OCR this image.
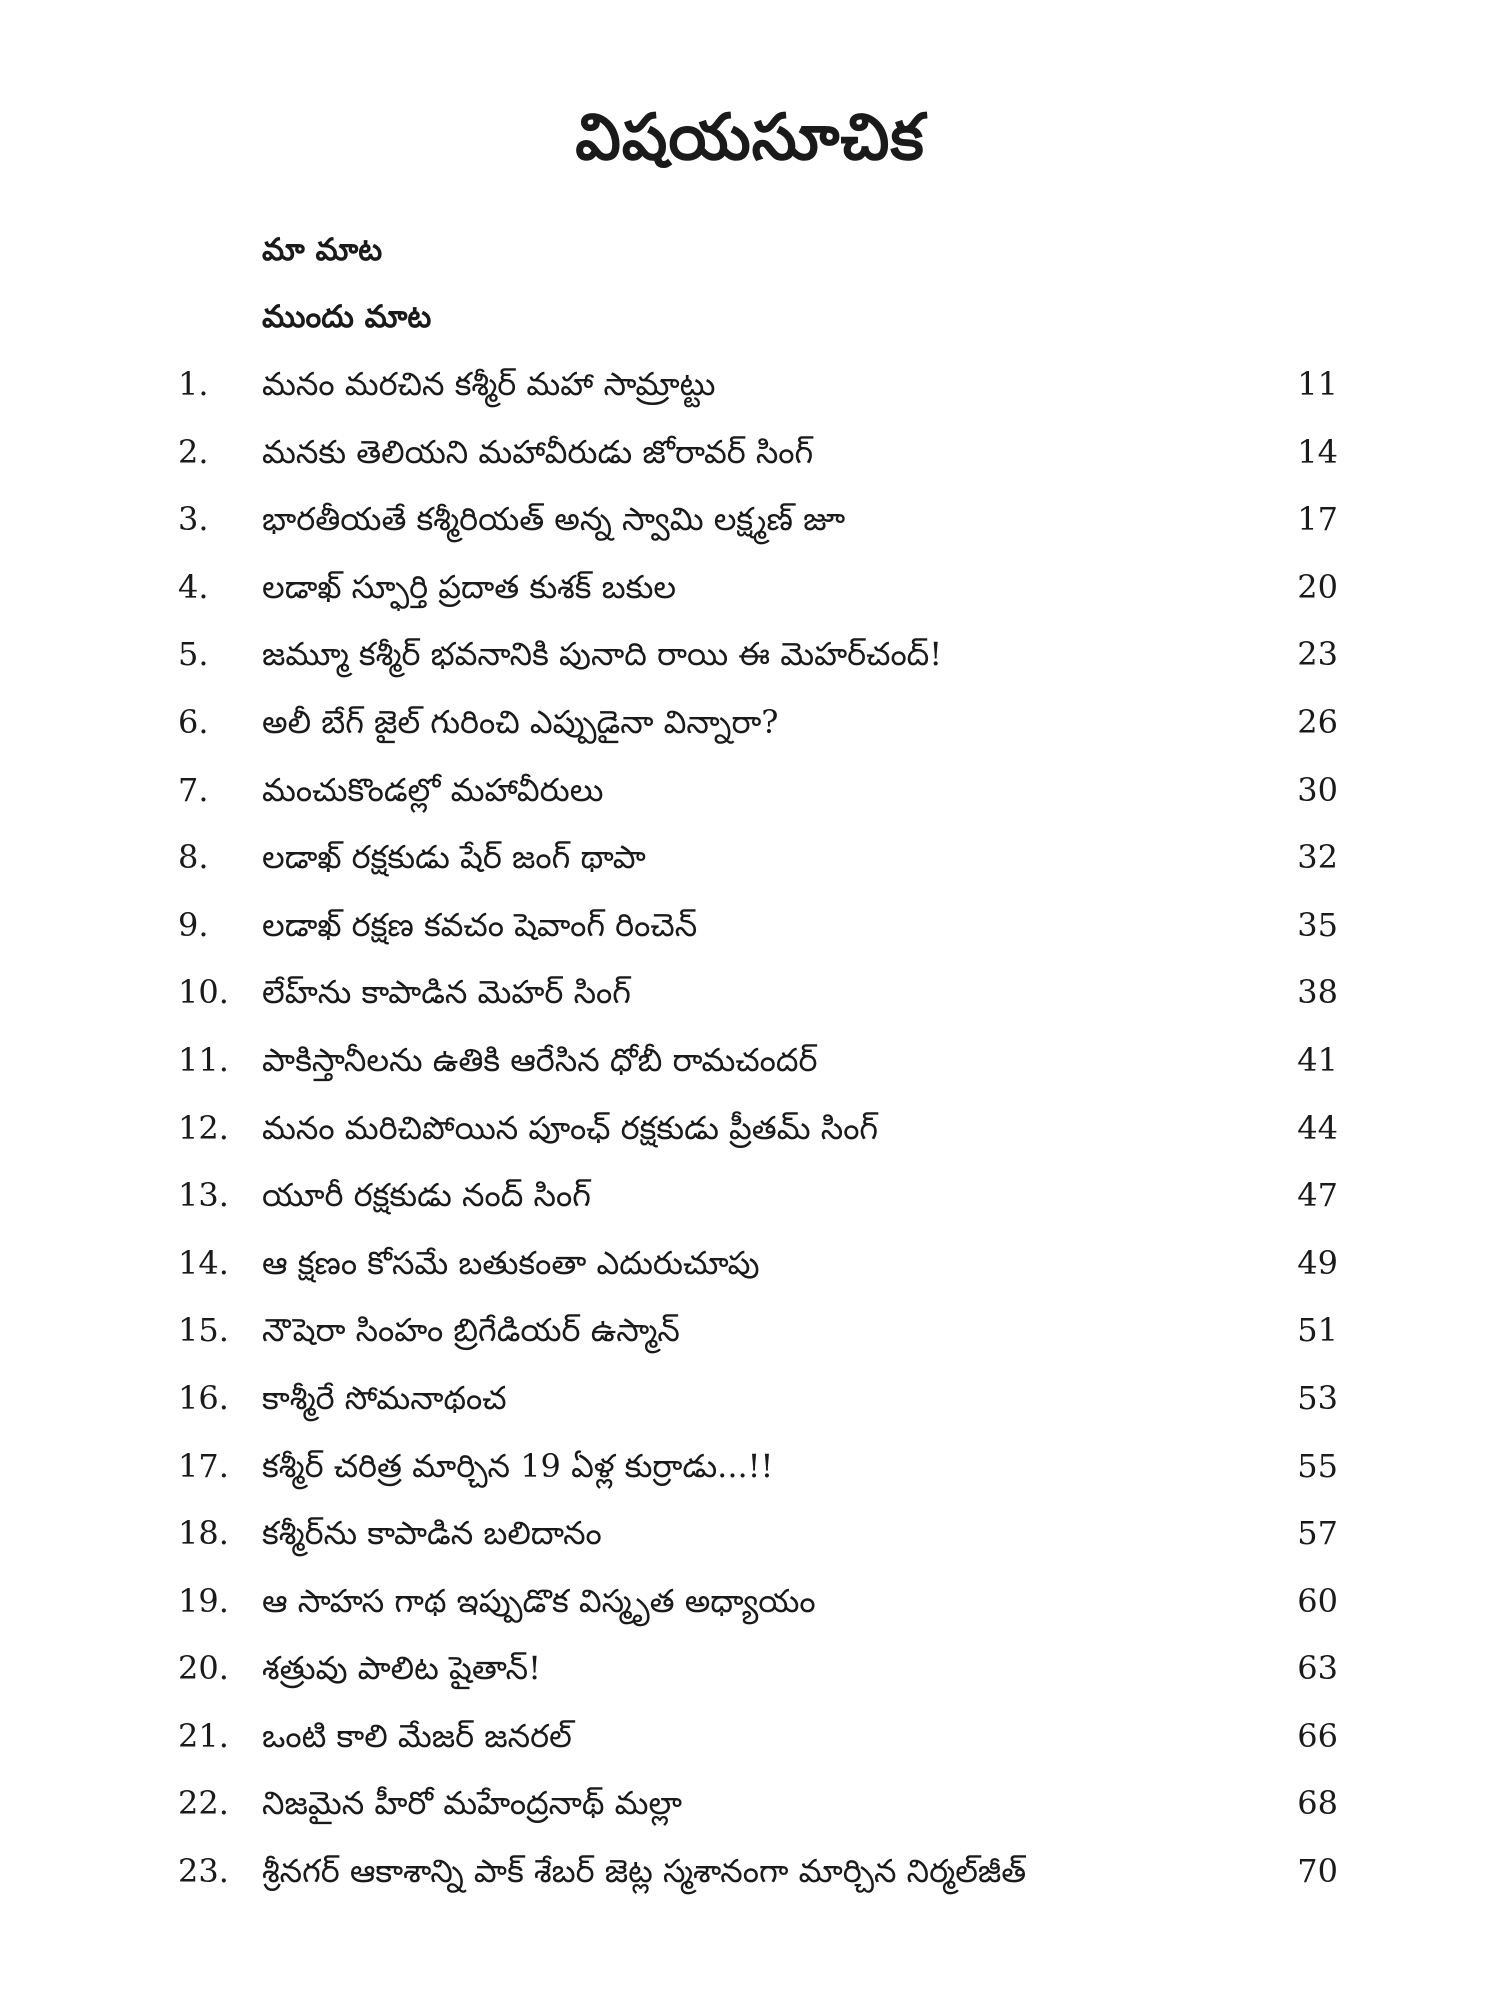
విషయసూచిక
మా మాట
ముందు మాట
1. మనం మరచిన కశ్మీర్ మహా సామ్రాట్టు	11
2. మనకు తెలియని మహావీరుడు జోరావర్ సింగ్	14
3. భారతీయతే కశ్మీరియత్ అన్న స్వామి లక్ష్మణ్ జూ	17
4. లడాఖ్ స్ఫూర్తి ప్రదాత కుశక్ బకుల	20
5. జమ్మూ కశ్మీర్ భవనానికి పునాది రాయి ఈ మెహర్‌చంద్!	23
6. అలీ బేగ్ జైల్ గురించి ఎప్పుడైనా విన్నారా?	26
7. మంచుకొండల్లో మహావీరులు	30
8. లడాఖ్ రక్షకుడు షేర్ జంగ్ థాపా	32
9. లడాఖ్ రక్షణ కవచం షెవాంగ్ రించెన్	35
10. లేహ్‌ను కాపాడిన మెహర్ సింగ్	38
11. పాకిస్తానీలను ఉతికి ఆరేసిన ధోబీ రామచందర్	41
12. మనం మరిచిపోయిన పూంఛ్ రక్షకుడు ప్రీతమ్ సింగ్	44
13. యూరీ రక్షకుడు నంద్ సింగ్	47
14. ఆ క్షణం కోసమే బతుకంతా ఎదురుచూపు	49
15. నౌషెరా సింహం బ్రిగేడియర్ ఉస్మాన్	51
16. కాశ్మీరే సోమనాథంచ	53
17. కశ్మీర్ చరిత్ర మార్చిన 19 ఏళ్ల కుర్రాడు...!!	55
18. కశ్మీర్‌ను కాపాడిన బలిదానం	57
19. ఆ సాహస గాథ ఇప్పుడొక విస్మృత అధ్యాయం	60
20. శత్రువు పాలిట షైతాన్!	63
21. ఒంటి కాలి మేజర్ జనరల్	66
22. నిజమైన హీరో మహేంద్రనాథ్ మల్లా	68
23. శ్రీనగర్ ఆకాశాన్ని పాక్ శేబర్ జెట్ల స్మశానంగా మార్చిన నిర్మల్‌జీత్	70
